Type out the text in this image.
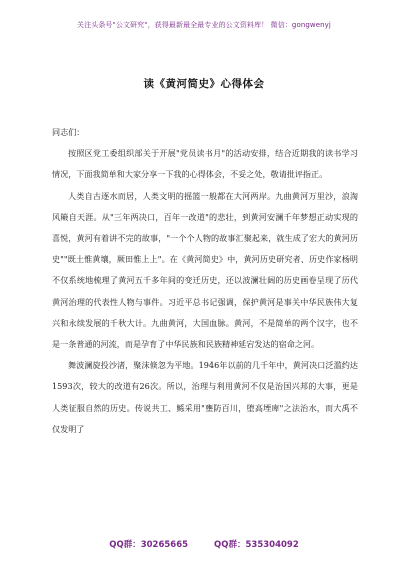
关注头条号"公文研究"，获得最新最全最专业的公文资料库！ 微信：gongwenyj
读《黄河简史》心得体会

同志们：

按照区党工委组织部关于开展"党员读书月"的活动安排，结合近期我的读书学习情况，下面我简单和大家分享一下我的心得体会，不妥之处，敬请批评指正。

人类自古逐水而居，人类文明的摇篮一般都在大河两岸。九曲黄河万里沙，浪淘风簸自天涯。从"三年两决口，百年一改道"的悲壮，到黄河安澜千年梦想正动实现的喜悦，黄河有着讲不完的故事，"一个个人物的故事汇聚起来，就生成了宏大的黄河历史""既土惟黄壤，厥田惟上上"。在《黄河简史》中，黄河历史研究者、历史作家杨明不仅系统地梳理了黄河五千多年间的变迁历史，还以波澜壮阔的历史画卷呈现了历代黄河治理的代表性人物与事件。习近平总书记强调，保护黄河是事关中华民族伟大复兴和永续发展的千秋大计。九曲黄河，大国血脉。黄河，不是简单的两个汉字，也不是一条普通的河流，而是孕育了中华民族和民族精神延宕发达的宿命之河。

舞波澜旋投沙渚，聚沫倏忽为平地。1946年以前的几千年中，黄河决口泛滥约达1593次，较大的改道有26次。所以，治理与利用黄河不仅是治国兴邦的大事，更是人类征服自然的历史。传说共工、鲧采用"壅防百川，堕高堙庳"之法治水，而大禹不仅发明了

QQ群：30265665	QQ群：535304092
